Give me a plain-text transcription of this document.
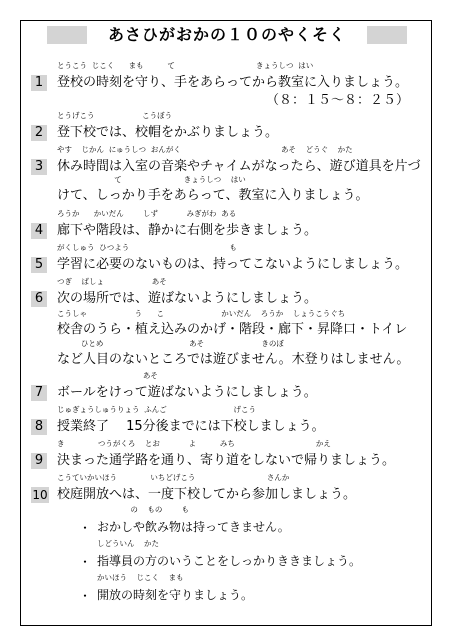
あさひがおかの１０のやくそく
1
とうこう  じこく      まも          て                                  きょうしつ  はい
登校の時刻を守り、手をあらってから教室に入りましょう。
（８：１５～８：２５）
2
とうげこう                    こうぼう
登下校では、校帽をかぶりましょう。
3
やす    じかん  にゅうしつ  おんがく                                          あそ    どうぐ    かた
休み時間は入室の音楽やチャイムがなったら、遊び道具を片づ
て                          きょうしつ    はい
けて、しっかり手をあらって、教室に入りましょう。
4
ろうか      かいだん        しず            みぎがわ  ある
廊下や階段は、静かに右側を歩きましょう。
5
がくしゅう  ひつよう                                          も
学習に必要のないものは、持ってこないようにしましょう。
6
つぎ    ばしょ                    あそ
次の場所では、遊ばないようにしましょう。
こうしゃ                    う      こ                        かいだん    ろうか    しょうこうぐち
校舎のうら・植え込みのかげ・階段・廊下・昇降口・トイレ
ひとめ                                    あそ                        きのぼ
など人目のないところでは遊びません。木登りはしません。
7
あそ
ボールをけって遊ばないようにしましょう。
8
じゅぎょうしゅうりょう  ふんご                            げこう
授業終了　 15分後までには下校しましょう。
9
き              つうがくろ    とお            よ          みち                                  かえ
決まった通学路を通り、寄り道をしないで帰りましょう。
10
こうていかいほう              いちどげこう                              さんか
校庭開放へは、一度下校してから参加しましょう。
・
の    もの        も
おかしや飲み物は持ってきません。
・
しどういん    かた
指導員の方のいうことをしっかりききましょう。
・
かいほう    じこく    まも
開放の時刻を守りましょう。
